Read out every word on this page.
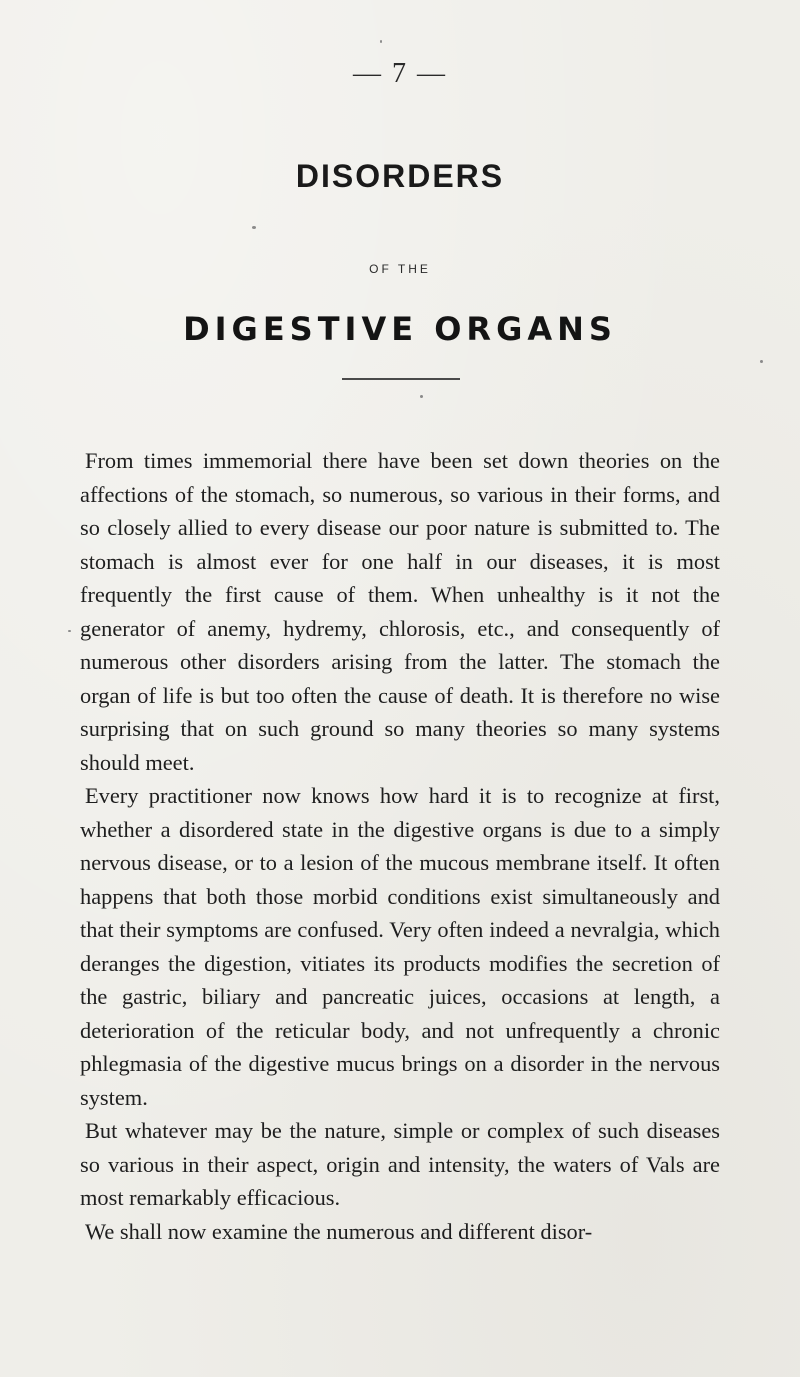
— 7 —
DISORDERS
OF THE
DIGESTIVE ORGANS

From times immemorial there have been set down theories on the affections of the stomach, so numerous, so various in their forms, and so closely allied to every disease our poor nature is submitted to. The stomach is almost ever for one half in our diseases, it is most frequently the first cause of them. When unhealthy is it not the generator of anemy, hydremy, chlorosis, etc., and consequently of numerous other disorders arising from the latter. The stomach the organ of life is but too often the cause of death. It is therefore no wise surprising that on such ground so many theories so many systems should meet.

Every practitioner now knows how hard it is to recognize at first, whether a disordered state in the digestive organs is due to a simply nervous disease, or to a lesion of the mucous membrane itself. It often happens that both those morbid conditions exist simultaneously and that their symptoms are confused. Very often indeed a nevralgia, which deranges the digestion, vitiates its products modifies the secretion of the gastric, biliary and pancreatic juices, occasions at length, a deterioration of the reticular body, and not unfrequently a chronic phlegmasia of the digestive mucus brings on a disorder in the nervous system.

But whatever may be the nature, simple or complex of such diseases so various in their aspect, origin and intensity, the waters of Vals are most remarkably efficacious.

We shall now examine the numerous and different disor-
